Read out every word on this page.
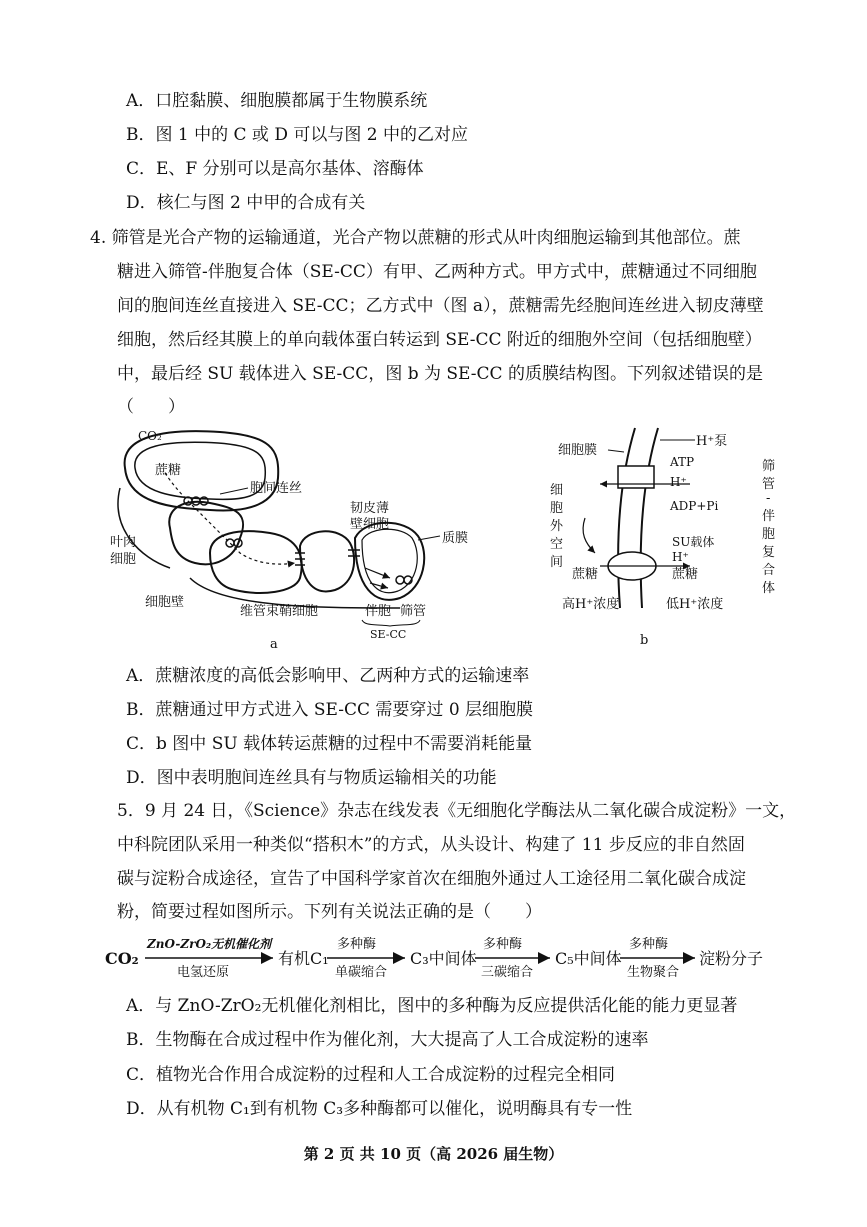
A．口腔黏膜、细胞膜都属于生物膜系统
B．图 1 中的 C 或 D 可以与图 2 中的乙对应
C．E、F 分别可以是高尔基体、溶酶体
D．核仁与图 2 中甲的合成有关
4. 筛管是光合产物的运输通道，光合产物以蔗糖的形式从叶肉细胞运输到其他部位。蔗
糖进入筛管-伴胞复合体（SE-CC）有甲、乙两种方式。甲方式中，蔗糖通过不同细胞
间的胞间连丝直接进入 SE-CC；乙方式中（图 a），蔗糖需先经胞间连丝进入韧皮薄壁
细胞，然后经其膜上的单向载体蛋白转运到 SE-CC 附近的细胞外空间（包括细胞壁）
中，最后经 SU 载体进入 SE-CC，图 b 为 SE-CC 的质膜结构图。下列叙述错误的是
（　　）
CO₂
蔗糖
胞间连丝
叶肉
细胞
韧皮薄
壁细胞
质膜
细胞壁
维管束鞘细胞	伴胞 筛管
SE-CC
a
细胞膜
H⁺泵
ATP
H⁺
ADP+Pi
细
胞
外
空
间
SU载体
H⁺
蔗糖	蔗糖
高H⁺浓度	低H⁺浓度
筛
管
-
伴
胞
复
合
体
b
A．蔗糖浓度的高低会影响甲、乙两种方式的运输速率
B．蔗糖通过甲方式进入 SE-CC 需要穿过 0 层细胞膜
C．b 图中 SU 载体转运蔗糖的过程中不需要消耗能量
D．图中表明胞间连丝具有与物质运输相关的功能
5．9 月 24 日，《Science》杂志在线发表《无细胞化学酶法从二氧化碳合成淀粉》一文，
中科院团队采用一种类似“搭积木”的方式，从头设计、构建了 11 步反应的非自然固
碳与淀粉合成途径，宣告了中国科学家首次在细胞外通过人工途径用二氧化碳合成淀
粉，简要过程如图所示。下列有关说法正确的是（　　）
CO₂
ZnO-ZrO₂无机催化剂
电氢还原
有机C₁
多种酶
单碳缩合
C₃中间体
多种酶
三碳缩合
C₅中间体
多种酶
生物聚合
淀粉分子
A．与 ZnO-ZrO₂无机催化剂相比，图中的多种酶为反应提供活化能的能力更显著
B．生物酶在合成过程中作为催化剂，大大提高了人工合成淀粉的速率
C．植物光合作用合成淀粉的过程和人工合成淀粉的过程完全相同
D．从有机物 C₁到有机物 C₃多种酶都可以催化，说明酶具有专一性
第 2 页 共 10 页（高 2026 届生物）
